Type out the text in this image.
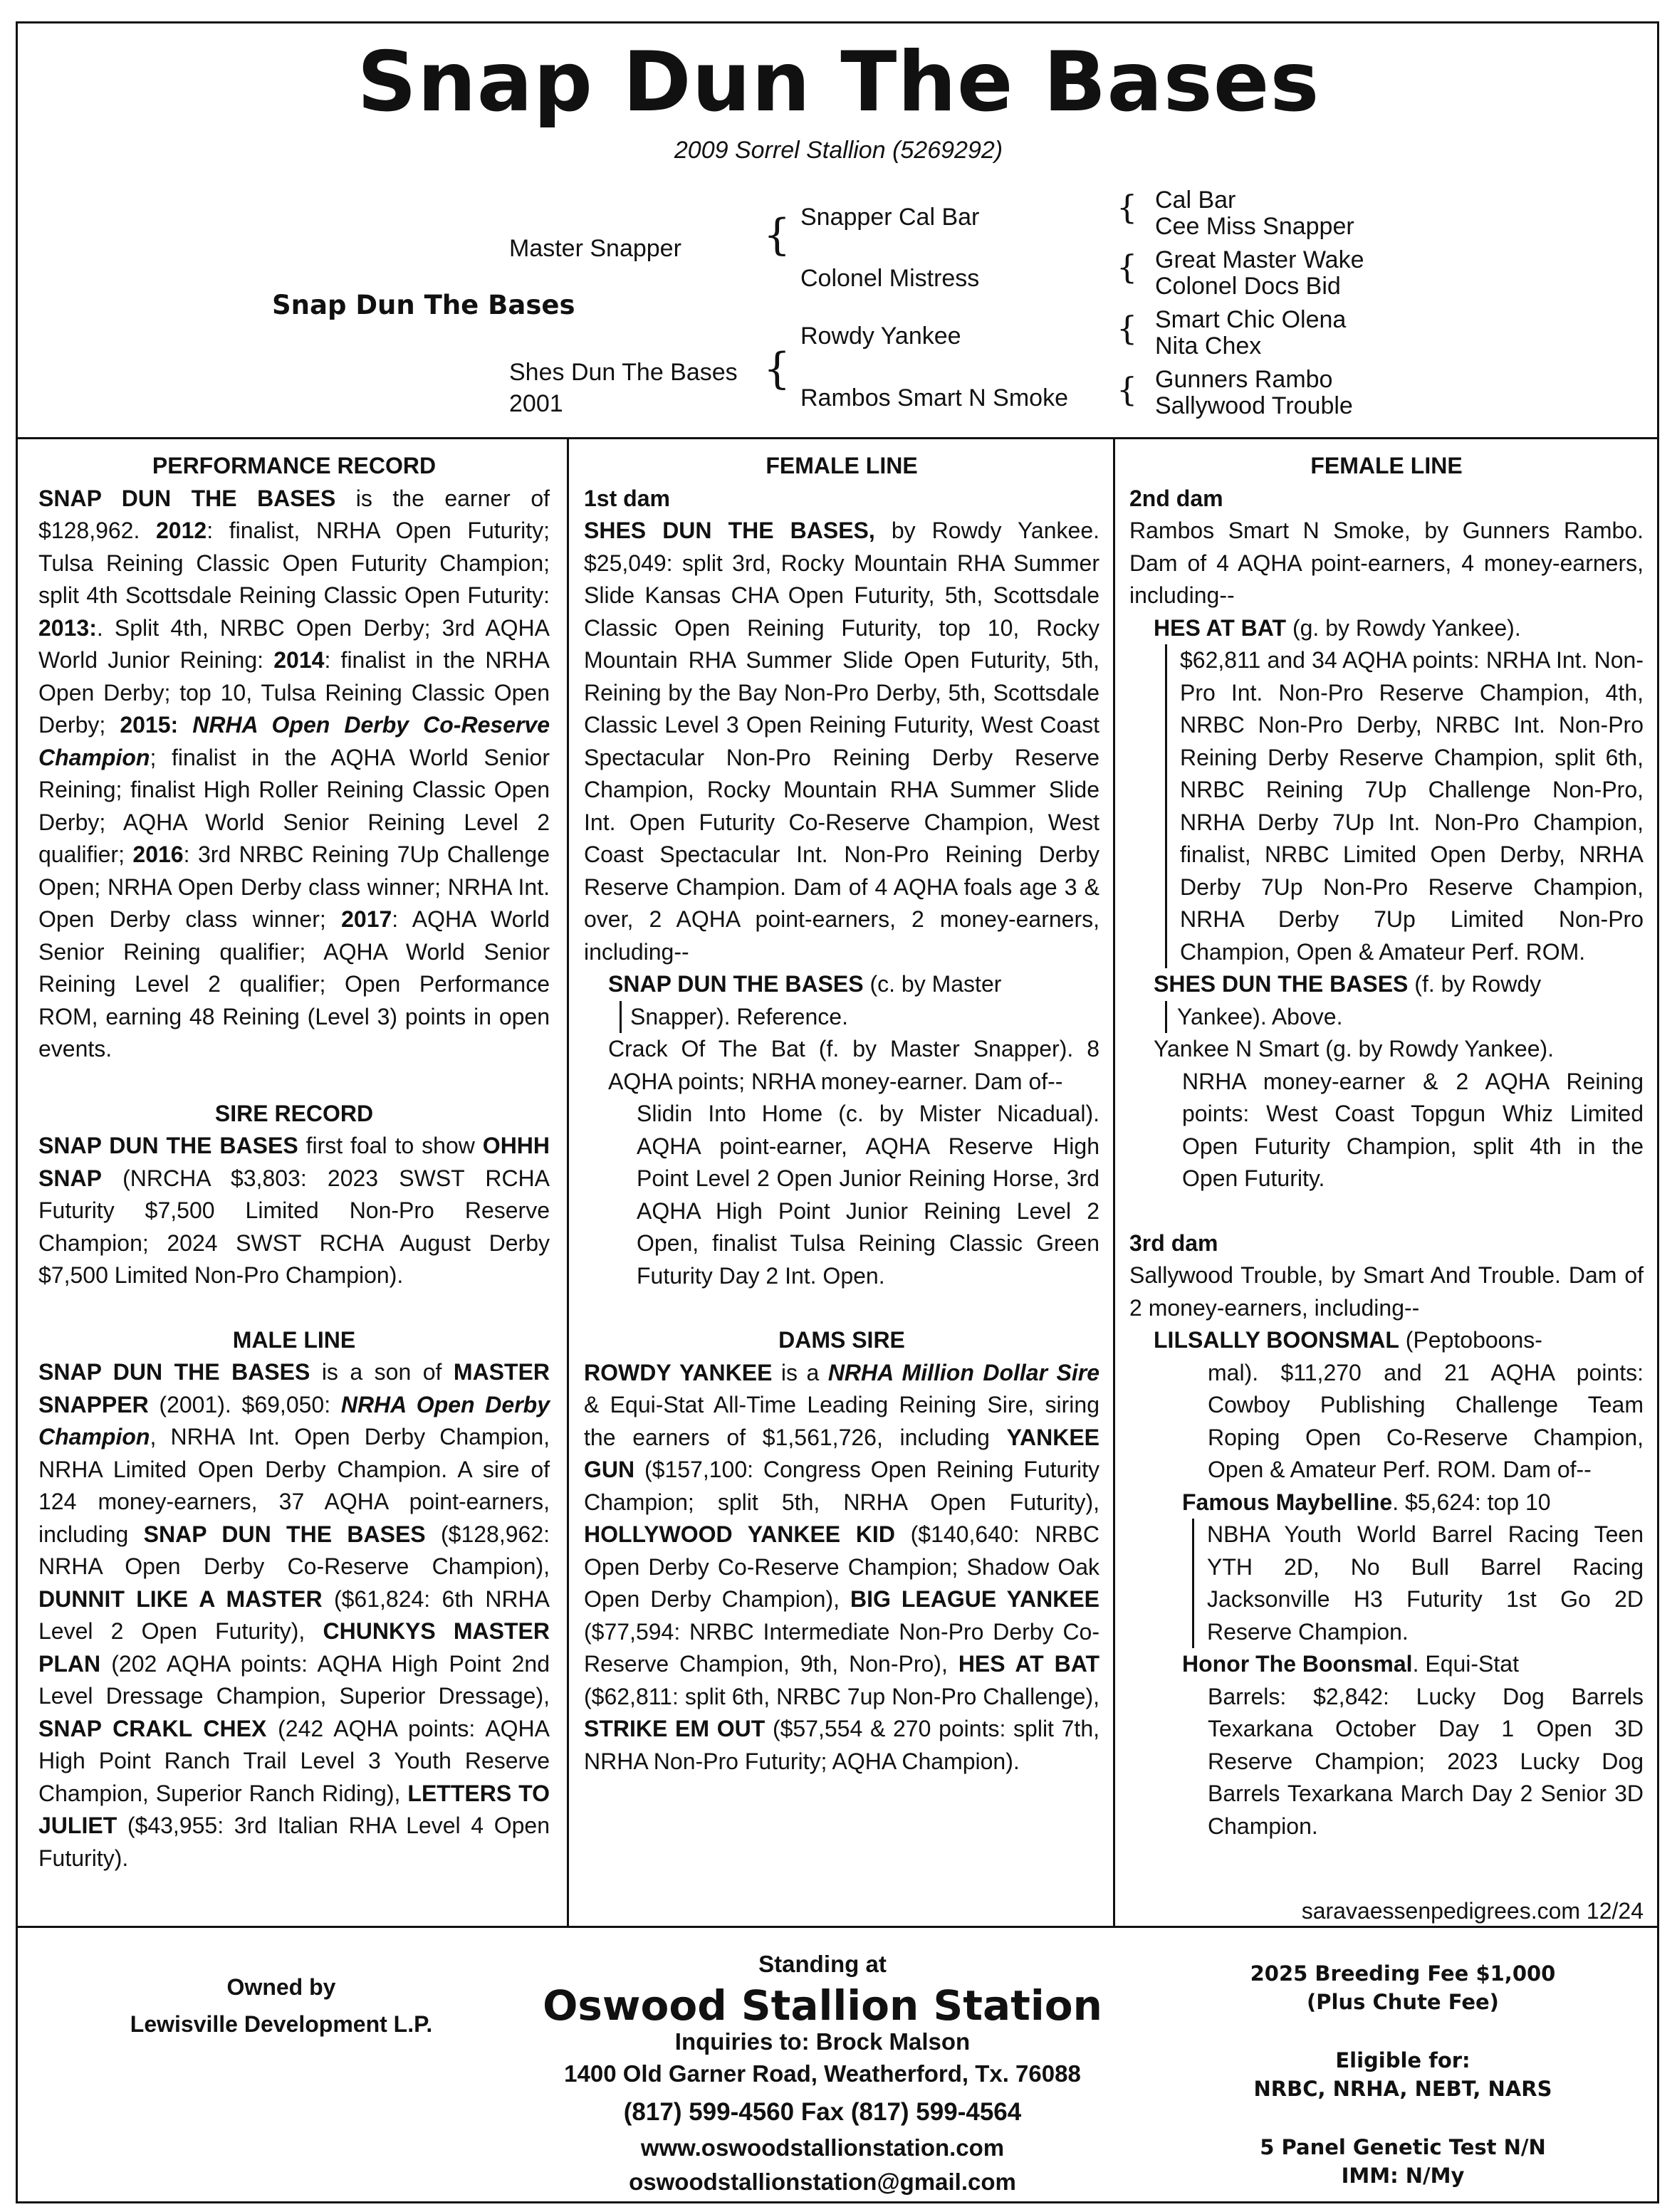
Snap Dun The Bases
2009 Sorrel Stallion (5269292)
Snap Dun The Bases
Master Snapper
Shes Dun The Bases
2001
{
{
Snapper Cal Bar
Colonel Mistress
Rowdy Yankee
Rambos Smart N Smoke
{
{
{
{
Cal Bar
Cee Miss Snapper
Great Master Wake
Colonel Docs Bid
Smart Chic Olena
Nita Chex
Gunners Rambo
Sallywood Trouble

PERFORMANCE RECORD

SNAP DUN THE BASES is the earner of $128,962. 2012: finalist, NRHA Open Futurity; Tulsa Reining Classic Open Futurity Champion; split 4th Scottsdale Reining Classic Open Futurity: 2013:. Split 4th, NRBC Open Derby; 3rd AQHA World Junior Reining: 2014: finalist in the NRHA Open Derby; top 10, Tulsa Reining Classic Open Derby; 2015: NRHA Open Derby Co-Reserve Champion; finalist in the AQHA World Senior Reining; finalist High Roller Reining Classic Open Derby; AQHA World Senior Reining Level 2 qualifier; 2016: 3rd NRBC Reining 7Up Challenge Open; NRHA Open Derby class winner; NRHA Int. Open Derby class winner; 2017: AQHA World Senior Reining qualifier; AQHA World Senior Reining Level 2 qualifier; Open Performance ROM, earning 48 Reining (Level 3) points in open events.

SIRE RECORD

SNAP DUN THE BASES first foal to show OHHH SNAP (NRCHA $3,803: 2023 SWST RCHA Futurity $7,500 Limited Non-Pro Reserve Champion; 2024 SWST RCHA August Derby $7,500 Limited Non-Pro Champion).

MALE LINE

SNAP DUN THE BASES is a son of MASTER SNAPPER (2001). $69,050: NRHA Open Derby Champion, NRHA Int. Open Derby Champion, NRHA Limited Open Derby Champion. A sire of 124 money-earners, 37 AQHA point-earners, including SNAP DUN THE BASES ($128,962: NRHA Open Derby Co-Reserve Champion), DUNNIT LIKE A MASTER ($61,824: 6th NRHA Level 2 Open Futurity), CHUNKYS MASTER PLAN (202 AQHA points: AQHA High Point 2nd Level Dressage Champion, Superior Dressage), SNAP CRAKL CHEX (242 AQHA points: AQHA High Point Ranch Trail Level 3 Youth Reserve Champion, Superior Ranch Riding), LETTERS TO JULIET ($43,955: 3rd Italian RHA Level 4 Open Futurity).

FEMALE LINE

1st dam

SHES DUN THE BASES, by Rowdy Yankee. $25,049: split 3rd, Rocky Mountain RHA Summer Slide Kansas CHA Open Futurity, 5th, Scottsdale Classic Open Reining Futurity, top 10, Rocky Mountain RHA Summer Slide Open Futurity, 5th, Reining by the Bay Non-Pro Derby, 5th, Scottsdale Classic Level 3 Open Reining Futurity, West Coast Spectacular Non-Pro Reining Derby Reserve Champion, Rocky Mountain RHA Summer Slide Int. Open Futurity Co-Reserve Champion, West Coast Spectacular Int. Non-Pro Reining Derby Reserve Champion. Dam of 4 AQHA foals age 3 & over, 2 AQHA point-earners, 2 money-earners, including--

SNAP DUN THE BASES (c. by Master

Snapper). Reference.

Crack Of The Bat (f. by Master Snapper). 8 AQHA points; NRHA money-earner. Dam of--

Slidin Into Home (c. by Mister Nicadual). AQHA point-earner, AQHA Reserve High Point Level 2 Open Junior Reining Horse, 3rd AQHA High Point Junior Reining Level 2 Open, finalist Tulsa Reining Classic Green Futurity Day 2 Int. Open.

DAMS SIRE

ROWDY YANKEE is a NRHA Million Dollar Sire & Equi-Stat All-Time Leading Reining Sire, siring the earners of $1,561,726, including YANKEE GUN ($157,100: Congress Open Reining Futurity Champion; split 5th, NRHA Open Futurity), HOLLYWOOD YANKEE KID ($140,640: NRBC Open Derby Co-Reserve Champion; Shadow Oak Open Derby Champion), BIG LEAGUE YANKEE ($77,594: NRBC Intermediate Non-Pro Derby Co-Reserve Champion, 9th, Non-Pro), HES AT BAT ($62,811: split 6th, NRBC 7up Non-Pro Challenge), STRIKE EM OUT ($57,554 & 270 points: split 7th, NRHA Non-Pro Futurity; AQHA Champion).

FEMALE LINE

2nd dam

Rambos Smart N Smoke, by Gunners Rambo. Dam of 4 AQHA point-earners, 4 money-earners, including--

HES AT BAT (g. by Rowdy Yankee).

$62,811 and 34 AQHA points: NRHA Int. Non-Pro Int. Non-Pro Reserve Champion, 4th, NRBC Non-Pro Derby, NRBC Int. Non-Pro Reining Derby Reserve Champion, split 6th, NRBC Reining 7Up Challenge Non-Pro, NRHA Derby 7Up Int. Non-Pro Champion, finalist, NRBC Limited Open Derby, NRHA Derby 7Up Non-Pro Reserve Champion, NRHA Derby 7Up Limited Non-Pro Champion, Open & Amateur Perf. ROM.

SHES DUN THE BASES (f. by Rowdy

Yankee). Above.

Yankee N Smart (g. by Rowdy Yankee).

NRHA money-earner & 2 AQHA Reining points: West Coast Topgun Whiz Limited Open Futurity Champion, split 4th in the Open Futurity.

3rd dam

Sallywood Trouble, by Smart And Trouble. Dam of 2 money-earners, including--

LILSALLY BOONSMAL (Peptoboons-

mal). $11,270 and 21 AQHA points: Cowboy Publishing Challenge Team Roping Open Co-Reserve Champion, Open & Amateur Perf. ROM. Dam of--

Famous Maybelline. $5,624: top 10

NBHA Youth World Barrel Racing Teen YTH 2D, No Bull Barrel Racing Jacksonville H3 Futurity 1st Go 2D Reserve Champion.

Honor The Boonsmal. Equi-Stat

Barrels: $2,842: Lucky Dog Barrels Texarkana October Day 1 Open 3D Reserve Champion; 2023 Lucky Dog Barrels Texarkana March Day 2 Senior 3D Champion.

saravaessenpedigrees.com 12/24
Owned by
Lewisville Development L.P.
Standing at
Oswood Stallion Station
Inquiries to: Brock Malson
1400 Old Garner Road, Weatherford, Tx. 76088
(817) 599-4560 Fax (817) 599-4564
www.oswoodstallionstation.com
oswoodstallionstation@gmail.com
2025 Breeding Fee $1,000
(Plus Chute Fee)
Eligible for:
NRBC, NRHA, NEBT, NARS
5 Panel Genetic Test N/N
IMM: N/My
